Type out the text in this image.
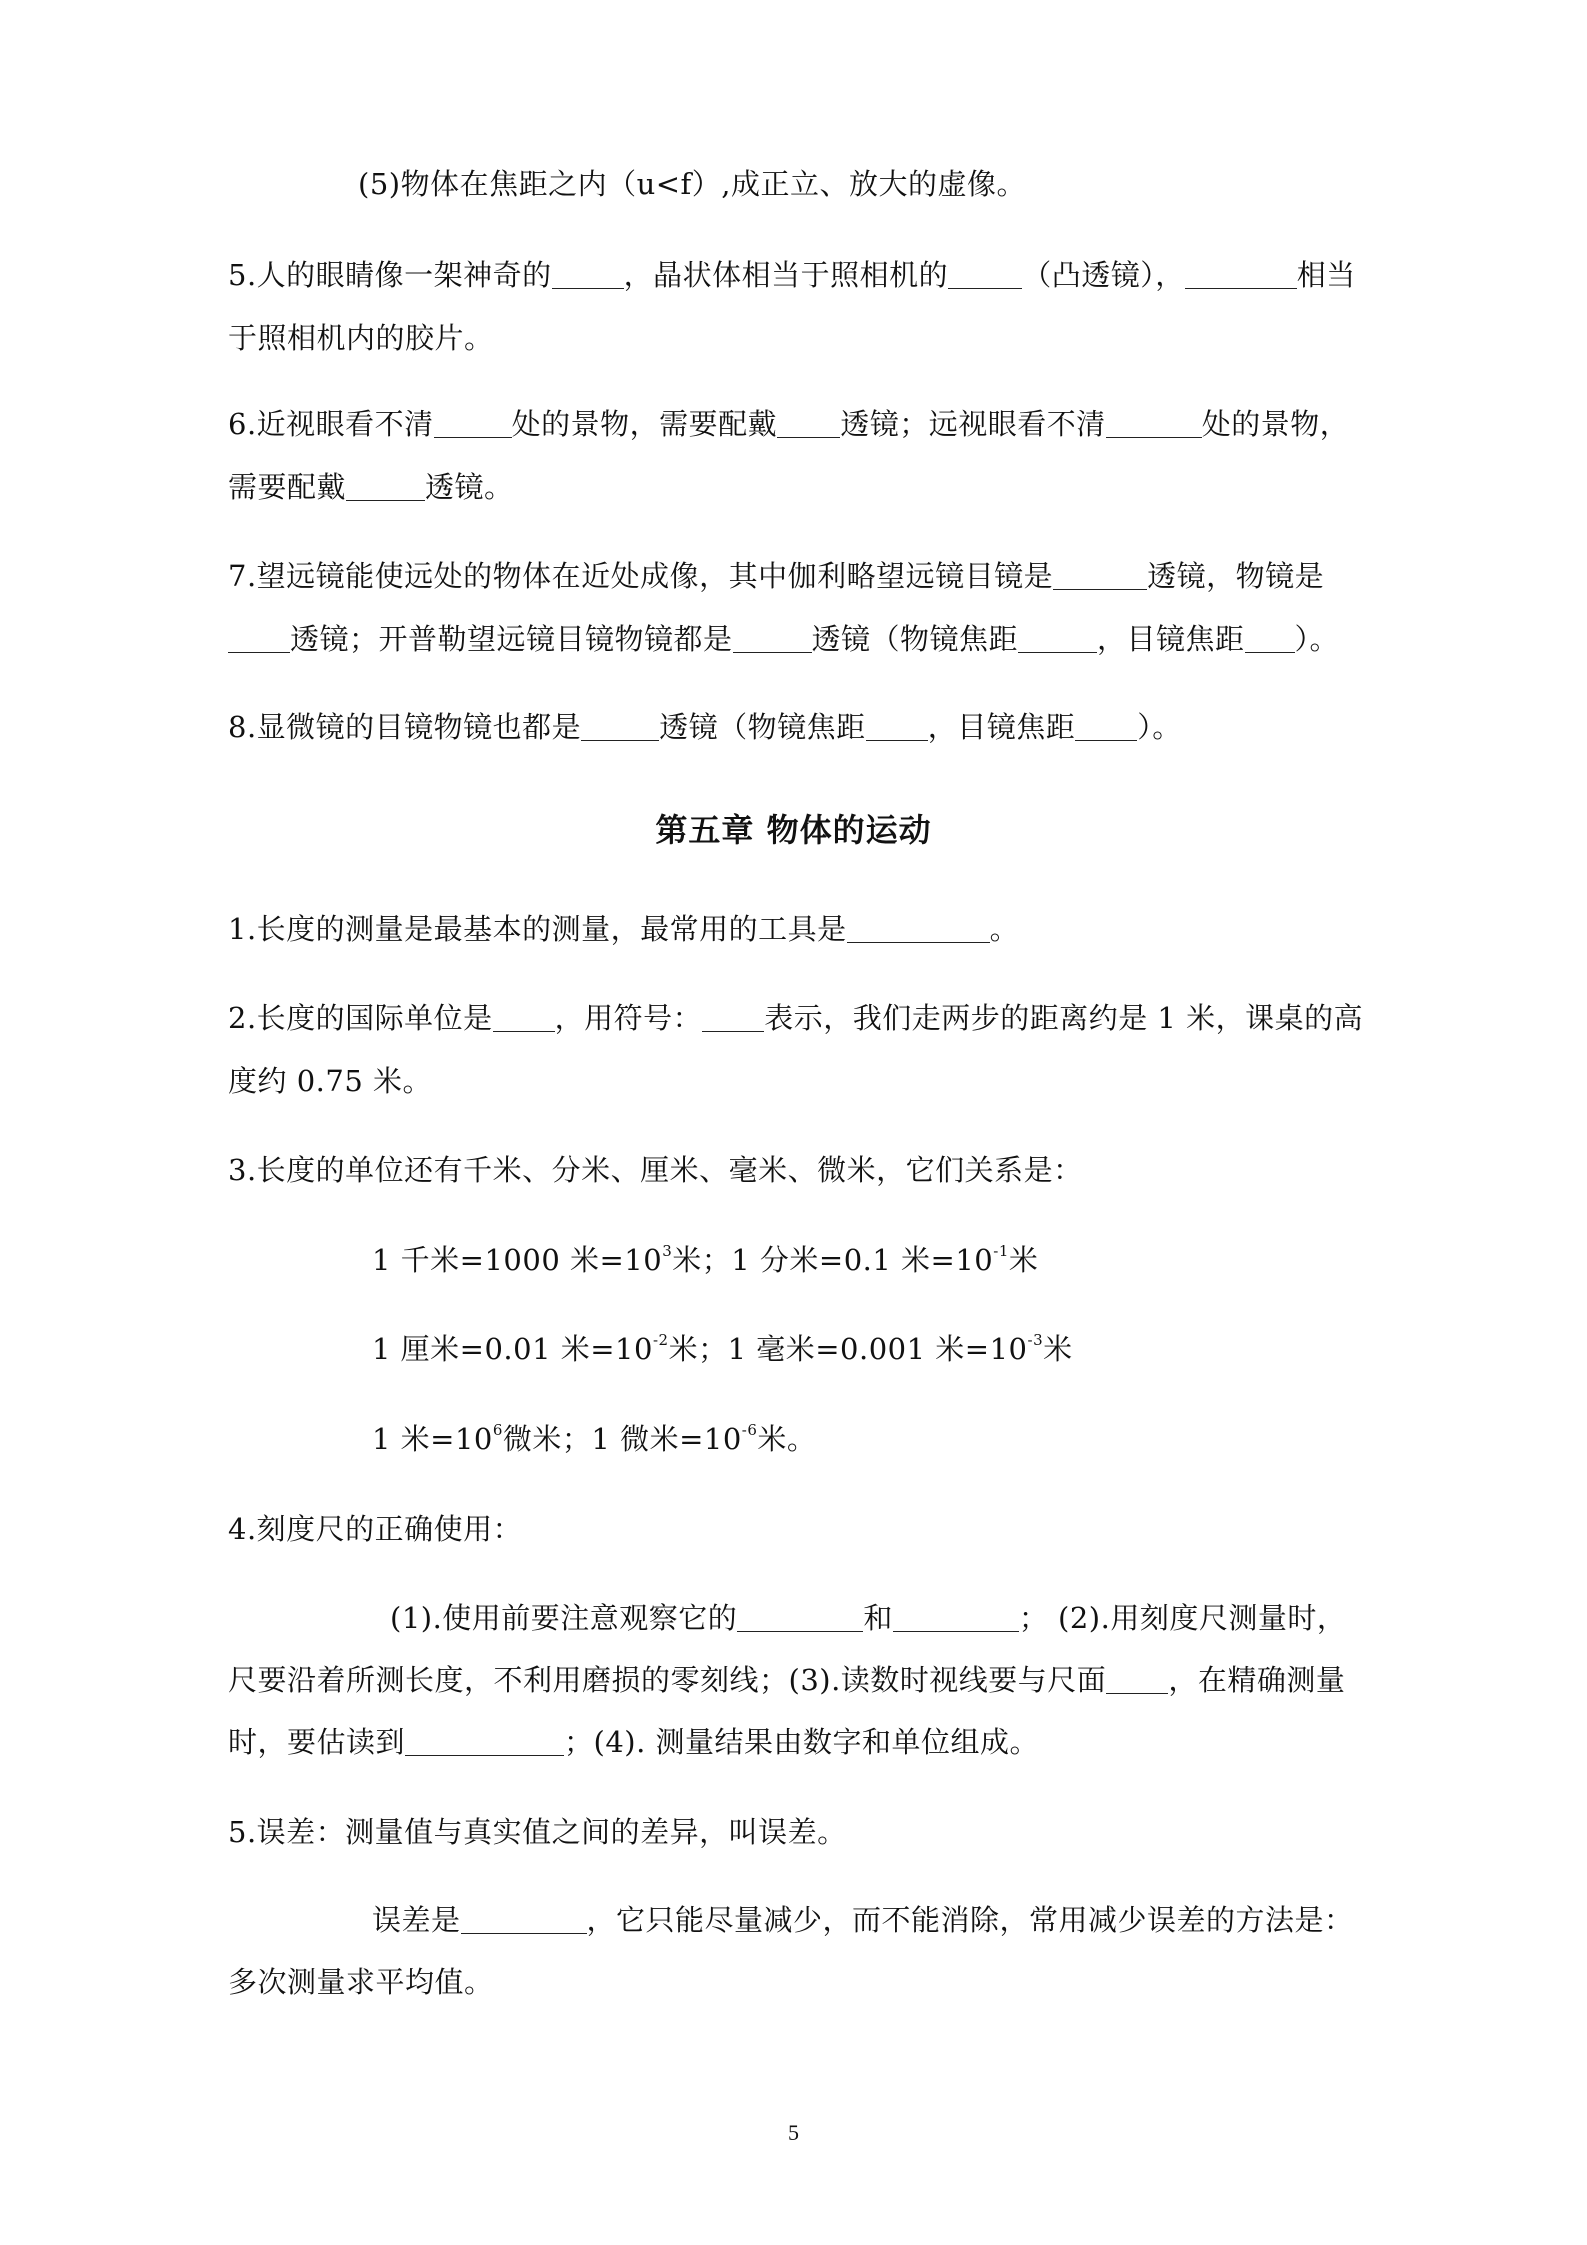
(5)物体在焦距之内（u<f）,成正立、放大的虚像。
5.人的眼睛像一架神奇的 ，晶状体相当于照相机的	（凸透镜），	相当
于照相机内的胶片。
6.近视眼看不清	处的景物，需要配戴 透镜；远视眼看不清	处的景物，
需要配戴	透镜。
7.望远镜能使远处的物体在近处成像，其中伽利略望远镜目镜是	透镜，物镜是
透镜；开普勒望远镜目镜物镜都是	透镜（物镜焦距	，目镜焦距 ）。
8.显微镜的目镜物镜也都是	透镜（物镜焦距 ，目镜焦距 ）。
第五章 物体的运动
1.长度的测量是最基本的测量，最常用的工具是	。
2.长度的国际单位是 ，用符号： 表示，我们走两步的距离约是 1 米，课桌的高
度约 0.75 米。
3.长度的单位还有千米、分米、厘米、毫米、微米，它们关系是：
1 千米=1000 米$=10^3$米；1 分米=0.1 米$=10^{-1}$米
1 厘米=0.01 米$=10^{-2}$米；1 毫米=0.001 米$=10^{-3}$米
1 米$=10^6$微米；1 微米$=10^{-6}$米。
4.刻度尺的正确使用：
(1).使用前要注意观察它的	和	； (2).用刻度尺测量时，
尺要沿着所测长度，不利用磨损的零刻线；(3).读数时视线要与尺面 ，在精确测量
时，要估读到	；(4). 测量结果由数字和单位组成。
5.误差：测量值与真实值之间的差异，叫误差。
误差是	，它只能尽量减少，而不能消除，常用减少误差的方法是：
多次测量求平均值。
5
